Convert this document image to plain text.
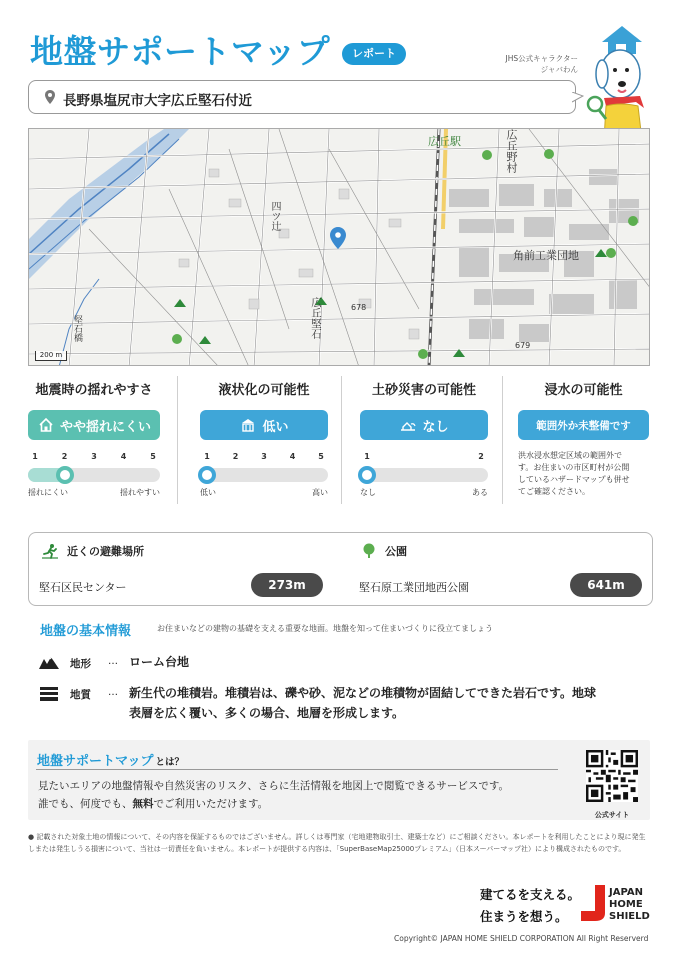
地盤サポートマップ	レポート	JHS公式キャラクター
ジャバわん
長野県塩尻市大字広丘堅石付近
広丘駅	広丘野村
四ツ辻
角前工業団地
広丘堅石
堅石橋
678
679
200 m
地震時の揺れやすさ
やや揺れにくい
1	2	3	4	5
揺れにくい	揺れやすい
液状化の可能性
低い
1	2	3	4	5
低い	高い
土砂災害の可能性
なし
1	2
なし	ある
浸水の可能性
範囲外か未整備です
洪水浸水想定区域の範囲外で
す。お住まいの市区町村が公開
しているハザードマップも併せ
てご確認ください。
近くの避難場所
堅石区民センター	273m
公園
堅石原工業団地西公園	641m
地盤の基本情報	お住まいなどの建物の基礎を支える重要な地面。地盤を知って住まいづくりに役立てましょう
地形 … ローム台地
地質 … 新生代の堆積岩。堆積岩は、礫や砂、泥などの堆積物が固結してできた岩石です。地球
表層を広く覆い、多くの場合、地層を形成します。
地盤サポートマップ とは？
見たいエリアの地盤情報や自然災害のリスク、さらに生活情報を地図上で閲覧できるサービスです。
誰でも、何度でも、無料でご利用いただけます。
公式サイト
● 記載された対象土地の情報について、その内容を保証するものではございません。詳しくは専門家（宅地建物取引士、建築士など）にご相談ください。本レポートを利用したことにより現に発生しまたは発生しうる損害について、当社は一切責任を負いません。本レポートが提供する内容は、「SuperBaseMap25000プレミアム」（日本スーパーマップ社）により構成されたものです。
建てるを支える。
住まうを想う。
JAPAN
HOME
SHIELD
Copyright© JAPAN HOME SHIELD CORPORATION All Right Reserverd
